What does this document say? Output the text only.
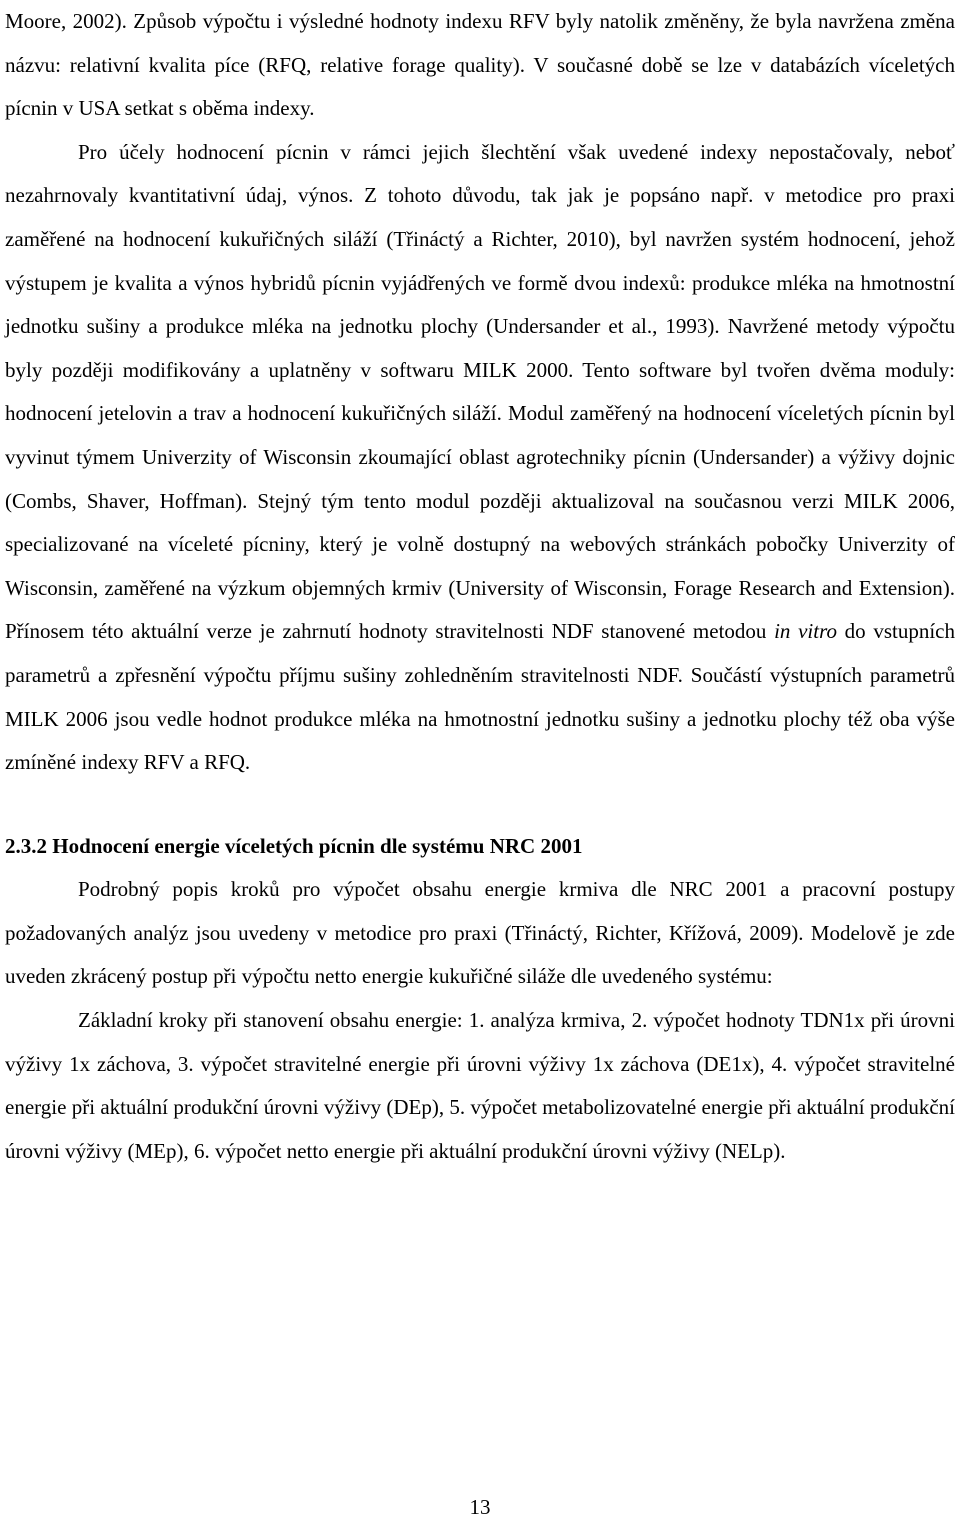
Moore, 2002). Způsob výpočtu i výsledné hodnoty indexu RFV byly natolik změněny, že byla navržena změna názvu: relativní kvalita píce (RFQ, relative forage quality). V současné době se lze v databázích víceletých pícnin v USA setkat s oběma indexy.

Pro účely hodnocení pícnin v rámci jejich šlechtění však uvedené indexy nepostačovaly, neboť nezahrnovaly kvantitativní údaj, výnos. Z tohoto důvodu, tak jak je popsáno např. v metodice pro praxi zaměřené na hodnocení kukuřičných siláží (Třináctý a Richter, 2010), byl navržen systém hodnocení, jehož výstupem je kvalita a výnos hybridů pícnin vyjádřených ve formě dvou indexů: produkce mléka na hmotnostní jednotku sušiny a produkce mléka na jednotku plochy (Undersander et al., 1993). Navržené metody výpočtu byly později modifikovány a uplatněny v softwaru MILK 2000. Tento software byl tvořen dvěma moduly: hodnocení jetelovin a trav a hodnocení kukuřičných siláží. Modul zaměřený na hodnocení víceletých pícnin byl vyvinut týmem Univerzity of Wisconsin zkoumající oblast agrotechniky pícnin (Undersander) a výživy dojnic (Combs, Shaver, Hoffman). Stejný tým tento modul později aktualizoval na současnou verzi MILK 2006, specializované na víceleté pícniny, který je volně dostupný na webových stránkách pobočky Univerzity of Wisconsin, zaměřené na výzkum objemných krmiv (University of Wisconsin, Forage Research and Extension). Přínosem této aktuální verze je zahrnutí hodnoty stravitelnosti NDF stanovené metodou in vitro do vstupních parametrů a zpřesnění výpočtu příjmu sušiny zohledněním stravitelnosti NDF. Součástí výstupních parametrů MILK 2006 jsou vedle hodnot produkce mléka na hmotnostní jednotku sušiny a jednotku plochy též oba výše zmíněné indexy RFV a RFQ.

2.3.2 Hodnocení energie víceletých pícnin dle systému NRC 2001

Podrobný popis kroků pro výpočet obsahu energie krmiva dle NRC 2001 a pracovní postupy požadovaných analýz jsou uvedeny v metodice pro praxi (Třináctý, Richter, Křížová, 2009). Modelově je zde uveden zkrácený postup při výpočtu netto energie kukuřičné siláže dle uvedeného systému:

Základní kroky při stanovení obsahu energie: 1. analýza krmiva, 2. výpočet hodnoty TDN1x při úrovni výživy 1x záchova, 3. výpočet stravitelné energie při úrovni výživy 1x záchova (DE1x), 4. výpočet stravitelné energie při aktuální produkční úrovni výživy (DEp), 5. výpočet metabolizovatelné energie při aktuální produkční úrovni výživy (MEp), 6. výpočet netto energie při aktuální produkční úrovni výživy (NELp).

13
